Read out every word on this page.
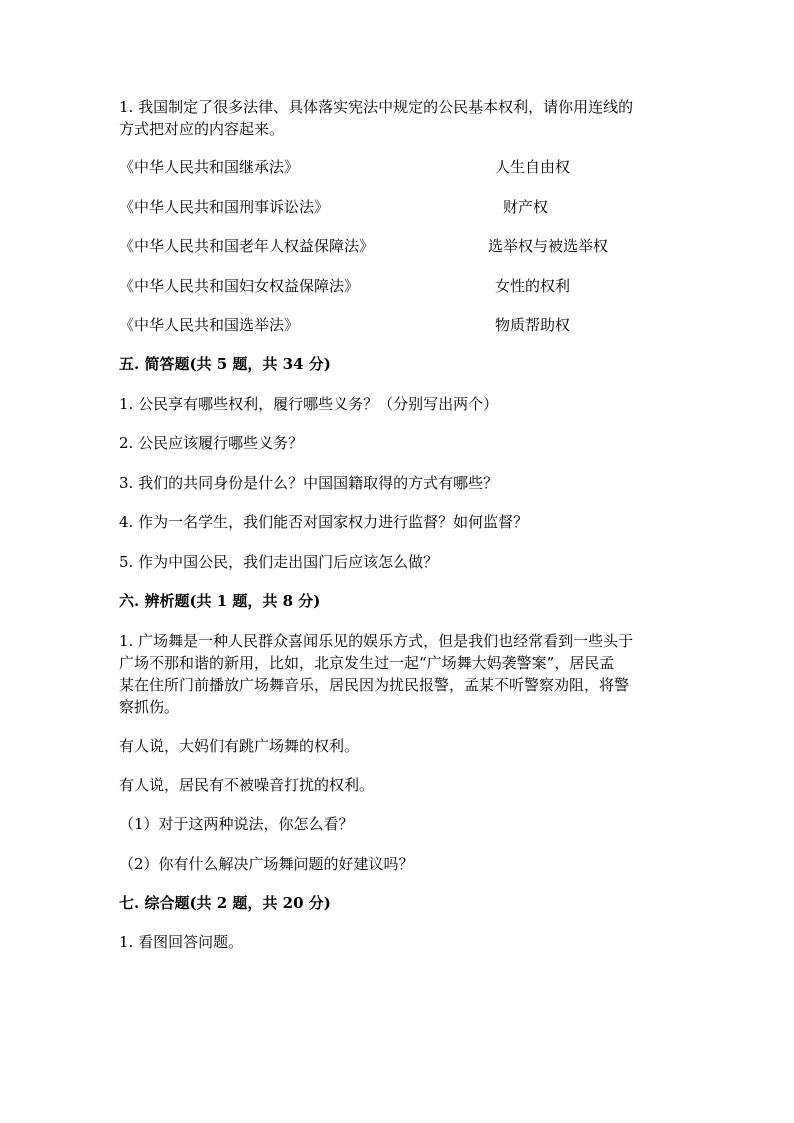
1. 我国制定了很多法律、具体落实宪法中规定的公民基本权利，请你用连线的
方式把对应的内容起来。
《中华人民共和国继承法》	人生自由权
《中华人民共和国刑事诉讼法》	财产权
《中华人民共和国老年人权益保障法》	选举权与被选举权
《中华人民共和国妇女权益保障法》	女性的权利
《中华人民共和国选举法》	物质帮助权
五. 简答题(共 5 题，共 34 分)
1. 公民享有哪些权利，履行哪些义务？（分别写出两个）
2. 公民应该履行哪些义务？
3. 我们的共同身份是什么？中国国籍取得的方式有哪些？
4. 作为一名学生，我们能否对国家权力进行监督？如何监督？
5. 作为中国公民，我们走出国门后应该怎么做？
六. 辨析题(共 1 题，共 8 分)
1. 广场舞是一种人民群众喜闻乐见的娱乐方式，但是我们也经常看到一些头于
广场不那和谐的新用，比如，北京发生过一起“广场舞大妈袭警案”，居民孟
某在住所门前播放广场舞音乐，居民因为扰民报警，孟某不听警察劝阻，将警
察抓伤。
有人说，大妈们有跳广场舞的权利。
有人说，居民有不被噪音打扰的权利。
（1）对于这两种说法，你怎么看？
（2）你有什么解决广场舞问题的好建议吗？
七. 综合题(共 2 题，共 20 分)
1. 看图回答问题。
